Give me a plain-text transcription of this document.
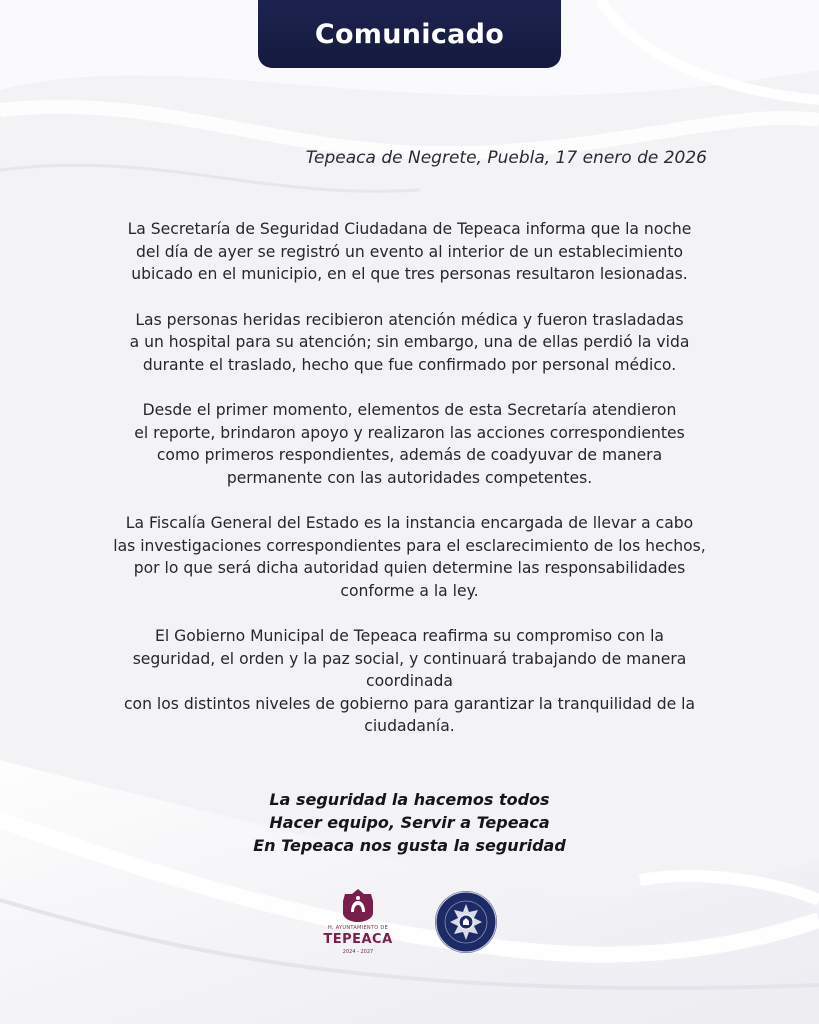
Comunicado
Tepeaca de Negrete, Puebla, 17 enero de 2026

La Secretaría de Seguridad Ciudadana de Tepeaca informa que la noche
del día de ayer se registró un evento al interior de un establecimiento
ubicado en el municipio, en el que tres personas resultaron lesionadas.

Las personas heridas recibieron atención médica y fueron trasladadas
a un hospital para su atención; sin embargo, una de ellas perdió la vida
durante el traslado, hecho que fue confirmado por personal médico.

Desde el primer momento, elementos de esta Secretaría atendieron
el reporte, brindaron apoyo y realizaron las acciones correspondientes
como primeros respondientes, además de coadyuvar de manera
permanente con las autoridades competentes.

La Fiscalía General del Estado es la instancia encargada de llevar a cabo
las investigaciones correspondientes para el esclarecimiento de los hechos,
por lo que será dicha autoridad quien determine las responsabilidades
conforme a la ley.

El Gobierno Municipal de Tepeaca reafirma su compromiso con la
seguridad, el orden y la paz social, y continuará trabajando de manera
coordinada
con los distintos niveles de gobierno para garantizar la tranquilidad de la
ciudadanía.

La seguridad la hacemos todos
Hacer equipo, Servir a Tepeaca
En Tepeaca nos gusta la seguridad
H. AYUNTAMIENTO DE
TEPEACA
2024 - 2027
